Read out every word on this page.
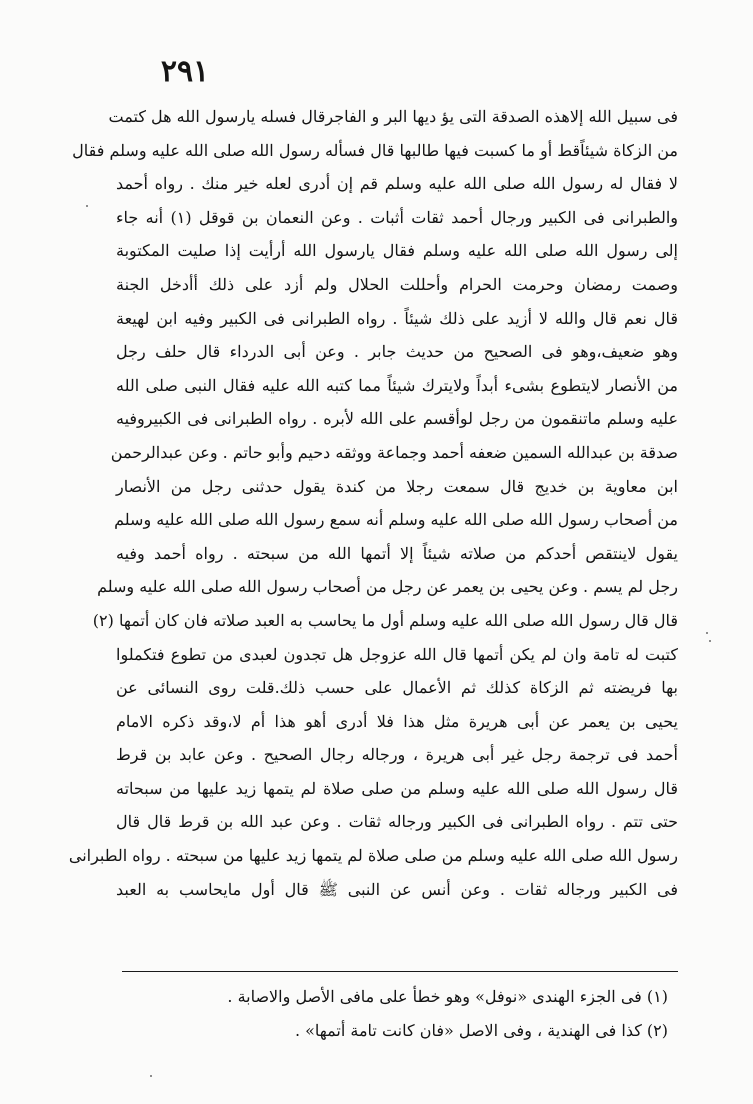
٢٩١
فى سبيل الله إلاهذه الصدقة التى يؤ ديها البر و الفاجرقال فسله يارسول الله هل كتمت
من الزكاة شيئاًقط أو ما كسبت فيها طالبها قال فسأله رسول الله صلى الله عليه وسلم فقال
لا فقال له رسول الله صلى الله عليه وسلم قم إن أدرى لعله خير منك . رواه أحمد
والطبرانى فى الكبير ورجال أحمد ثقات أثبات . وعن النعمان بن قوقل (١) أنه جاء
إلى رسول الله صلى الله عليه وسلم فقال يارسول الله أرأيت إذا صليت المكتوبة
وصمت رمضان وحرمت الحرام وأحللت الحلال ولم أزد على ذلك أأدخل الجنة
قال نعم قال والله لا أزيد على ذلك شيئاً . رواه الطبرانى فى الكبير وفيه ابن لهيعة
وهو ضعيف،وهو فى الصحيح من حديث جابر . وعن أبى الدرداء قال حلف رجل
من الأنصار لايتطوع بشىء أبداً ولايترك شيئاً مما كتبه الله عليه فقال النبى صلى الله
عليه وسلم ماتنقمون من رجل لوأقسم على الله لأبره . رواه الطبرانى فى الكبيروفيه
صدقة بن عبدالله السمين ضعفه أحمد وجماعة ووثقه دحيم وأبو حاتم . وعن عبدالرحمن
ابن معاوية بن خديج قال سمعت رجلا من كندة يقول حدثنى رجل من الأنصار
من أصحاب رسول الله صلى الله عليه وسلم أنه سمع رسول الله صلى الله عليه وسلم
يقول لاينتقص أحدكم من صلاته شيئاً إلا أتمها الله من سبحته . رواه أحمد وفيه
رجل لم يسم . وعن يحيى بن يعمر عن رجل من أصحاب رسول الله صلى الله عليه وسلم
قال قال رسول الله صلى الله عليه وسلم أول ما يحاسب به العبد صلاته فان كان أتمها (٢)
كتبت له تامة وان لم يكن أتمها قال الله عزوجل هل تجدون لعبدى من تطوع فتكملوا
بها فريضته ثم الزكاة كذلك ثم الأعمال على حسب ذلك.قلت روى النسائى عن
يحيى بن يعمر عن أبى هريرة مثل هذا فلا أدرى أهو هذا أم لا،وقد ذكره الامام
أحمد فى ترجمة رجل غير أبى هريرة ، ورجاله رجال الصحيح . وعن عابد بن قرط
قال رسول الله صلى الله عليه وسلم من صلى صلاة لم يتمها زيد عليها من سبحاته
حتى تتم . رواه الطبرانى فى الكبير ورجاله ثقات . وعن عبد الله بن قرط قال قال
رسول الله صلى الله عليه وسلم من صلى صلاة لم يتمها زيد عليها من سبحته . رواه الطبرانى
فى الكبير ورجاله ثقات . وعن أنس عن النبى ﷺ قال أول مايحاسب به العبد
(١) فى الجزء الهندى «نوفل» وهو خطأ على مافى الأصل والاصابة .
(٢) كذا فى الهندية ، وفى الاصل «فان كانت تامة أتمها» .
